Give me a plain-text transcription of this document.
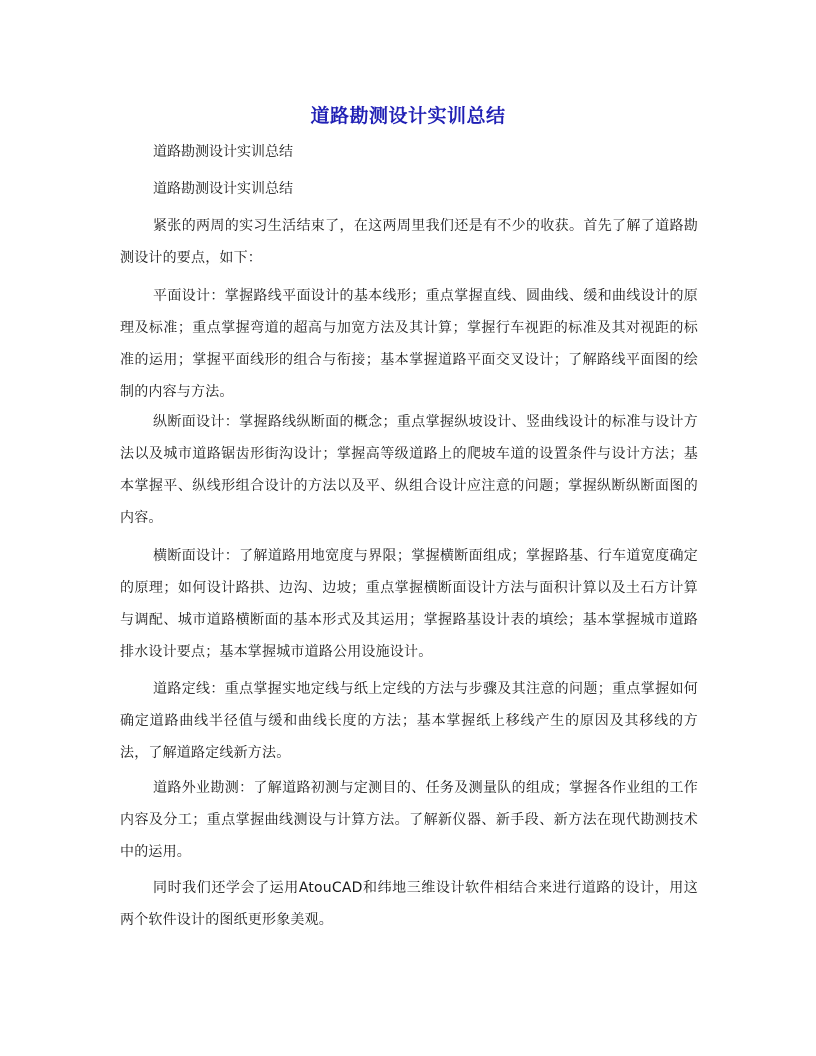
道路勘测设计实训总结
道路勘测设计实训总结
道路勘测设计实训总结
紧张的两周的实习生活结束了，在这两周里我们还是有不少的收获。首先了解了道路勘测设计的要点，如下：
平面设计：掌握路线平面设计的基本线形；重点掌握直线、圆曲线、缓和曲线设计的原理及标准；重点掌握弯道的超高与加宽方法及其计算；掌握行车视距的标准及其对视距的标准的运用；掌握平面线形的组合与衔接；基本掌握道路平面交叉设计；了解路线平面图的绘制的内容与方法。
纵断面设计：掌握路线纵断面的概念；重点掌握纵坡设计、竖曲线设计的标准与设计方法以及城市道路锯齿形街沟设计；掌握高等级道路上的爬坡车道的设置条件与设计方法；基本掌握平、纵线形组合设计的方法以及平、纵组合设计应注意的问题；掌握纵断纵断面图的内容。
横断面设计：了解道路用地宽度与界限；掌握横断面组成；掌握路基、行车道宽度确定的原理；如何设计路拱、边沟、边坡；重点掌握横断面设计方法与面积计算以及土石方计算与调配、城市道路横断面的基本形式及其运用；掌握路基设计表的填绘；基本掌握城市道路排水设计要点；基本掌握城市道路公用设施设计。
道路定线：重点掌握实地定线与纸上定线的方法与步骤及其注意的问题；重点掌握如何确定道路曲线半径值与缓和曲线长度的方法；基本掌握纸上移线产生的原因及其移线的方法，了解道路定线新方法。
道路外业勘测：了解道路初测与定测目的、任务及测量队的组成；掌握各作业组的工作内容及分工；重点掌握曲线测设与计算方法。了解新仪器、新手段、新方法在现代勘测技术中的运用。
同时我们还学会了运用AtouCAD和纬地三维设计软件相结合来进行道路的设计，用这两个软件设计的图纸更形象美观。
